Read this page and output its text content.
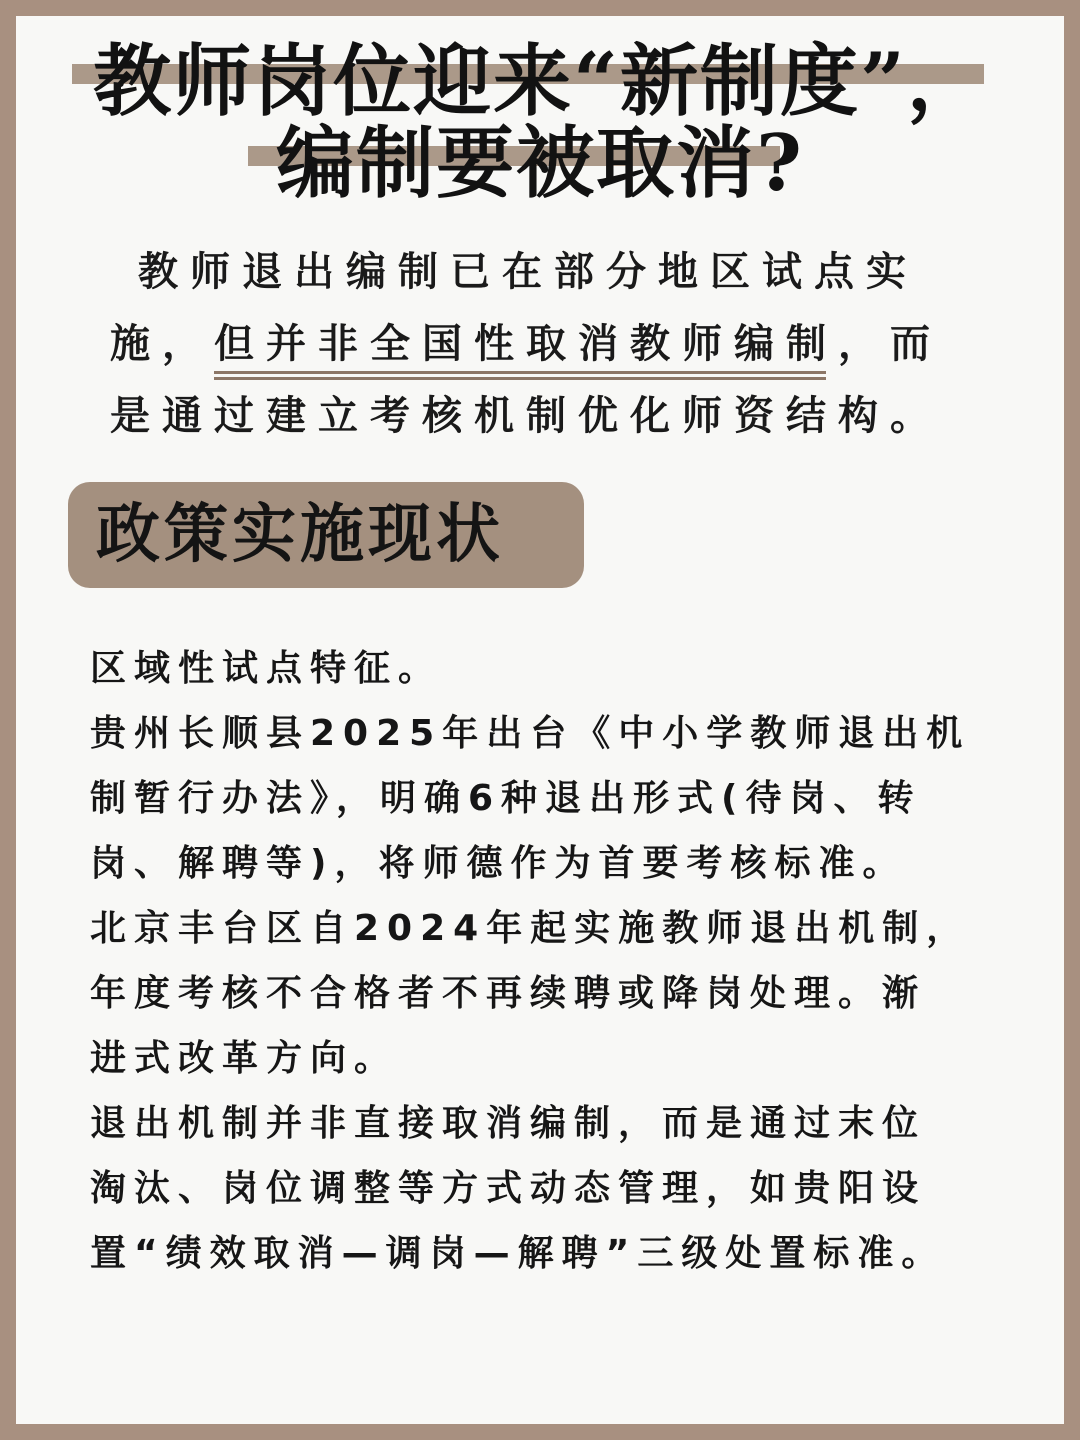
教师岗位迎来“新制度”，
编制要被取消?
教师退出编制已在部分地区试点实
施，但并非全国性取消教师编制，而
是通过建立考核机制优化师资结构。
政策实施现状
区域性试点特征。
贵州长顺县2025年出台《中小学教师退出机
制暂行办法》，明确6种退出形式(待岗、转
岗、解聘等)，将师德作为首要考核标准。
北京丰台区自2024年起实施教师退出机制，
年度考核不合格者不再续聘或降岗处理。渐
进式改革方向。
退出机制并非直接取消编制，而是通过末位
淘汰、岗位调整等方式动态管理，如贵阳设
置“绩效取消—调岗—解聘”三级处置标准。
